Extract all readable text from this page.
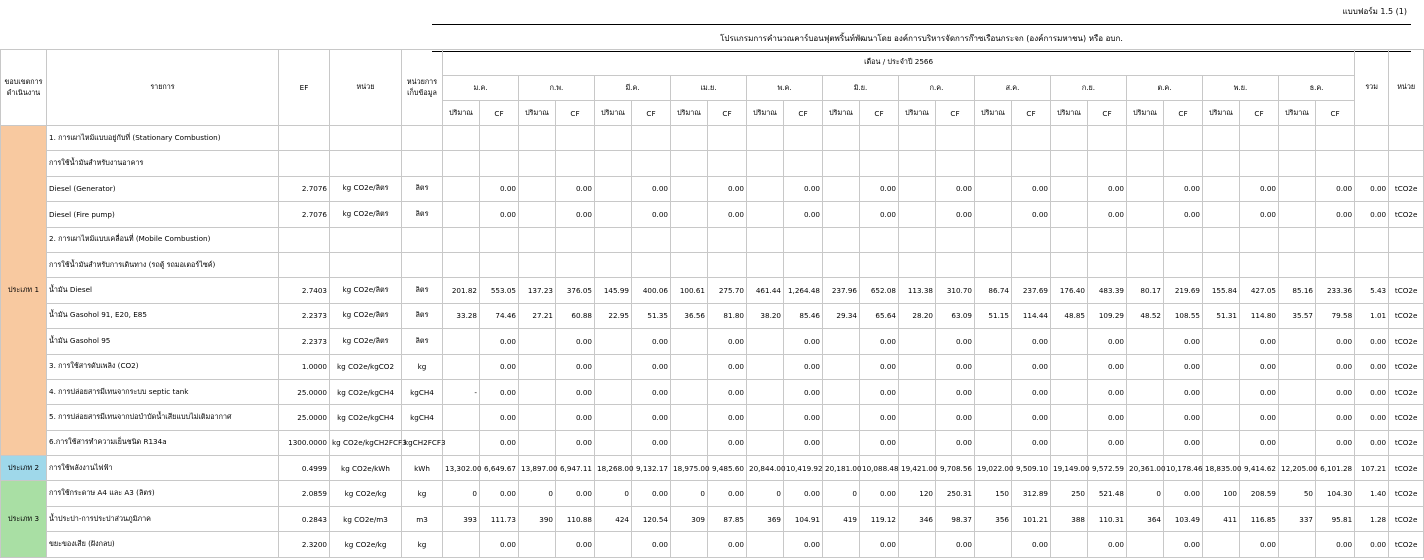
แบบฟอร์ม 1.5 (1)
โปรแกรมการคำนวณคาร์บอนฟุตพริ้นท์พัฒนาโดย องค์การบริหารจัดการก๊าซเรือนกระจก (องค์การมหาชน) หรือ อบก.
ขอบเขตการดำเนินงาน	รายการ	EF	หน่วย	หน่วยการเก็บข้อมูล	เดือน / ประจำปี 2566																								รวม	หน่วย
					ม.ค.		ก.พ.		มี.ค.		เม.ย.		พ.ค.		มิ.ย.		ก.ค.		ส.ค.		ก.ย.		ต.ค.		พ.ย.		ธ.ค.			
					ปริมาณ	CF	ปริมาณ	CF	ปริมาณ	CF	ปริมาณ	CF	ปริมาณ	CF	ปริมาณ	CF	ปริมาณ	CF	ปริมาณ	CF	ปริมาณ	CF	ปริมาณ	CF	ปริมาณ	CF	ปริมาณ	CF		
ประเภท 1	1. การเผาไหม้แบบอยู่กับที่ (Stationary Combustion)																													
	การใช้น้ำมันสำหรับงานอาคาร																													
	Diesel (Generator)	2.7076	kg CO2e/ลิตร	ลิตร		0.00		0.00		0.00		0.00		0.00		0.00		0.00		0.00		0.00		0.00		0.00		0.00	0.00	tCO2e
	Diesel (Fire pump)	2.7076	kg CO2e/ลิตร	ลิตร		0.00		0.00		0.00		0.00		0.00		0.00		0.00		0.00		0.00		0.00		0.00		0.00	0.00	tCO2e
	2. การเผาไหม้แบบเคลื่อนที่ (Mobile Combustion)																													
	การใช้น้ำมันสำหรับการเดินทาง (รถตู้ รถมอเตอร์ไซค์)																													
	น้ำมัน Diesel	2.7403	kg CO2e/ลิตร	ลิตร	201.82	553.05	137.23	376.05	145.99	400.06	100.61	275.70	461.44	1,264.48	237.96	652.08	113.38	310.70	86.74	237.69	176.40	483.39	80.17	219.69	155.84	427.05	85.16	233.36	5.43	tCO2e
	น้ำมัน Gasohol 91, E20, E85	2.2373	kg CO2e/ลิตร	ลิตร	33.28	74.46	27.21	60.88	22.95	51.35	36.56	81.80	38.20	85.46	29.34	65.64	28.20	63.09	51.15	114.44	48.85	109.29	48.52	108.55	51.31	114.80	35.57	79.58	1.01	tCO2e
	น้ำมัน Gasohol 95	2.2373	kg CO2e/ลิตร	ลิตร		0.00		0.00		0.00		0.00		0.00		0.00		0.00		0.00		0.00		0.00		0.00		0.00	0.00	tCO2e
	3. การใช้สารดับเพลิง (CO2)	1.0000	kg CO2e/kgCO2	kg		0.00		0.00		0.00		0.00		0.00		0.00		0.00		0.00		0.00		0.00		0.00		0.00	0.00	tCO2e
	4. การปล่อยสารมีเทนจากระบบ septic tank	25.0000	kg CO2e/kgCH4	kgCH4	-	0.00		0.00		0.00		0.00		0.00		0.00		0.00		0.00		0.00		0.00		0.00		0.00	0.00	tCO2e
	5. การปล่อยสารมีเทนจากบ่อบำบัดน้ำเสียแบบไม่เติมอากาศ	25.0000	kg CO2e/kgCH4	kgCH4		0.00		0.00		0.00		0.00		0.00		0.00		0.00		0.00		0.00		0.00		0.00		0.00	0.00	tCO2e
	6.การใช้สารทำความเย็นชนิด R134a	1300.0000	kg CO2e/kgCH2FCF3	kgCH2FCF3		0.00		0.00		0.00		0.00		0.00		0.00		0.00		0.00		0.00		0.00		0.00		0.00	0.00	tCO2e
ประเภท 2	การใช้พลังงานไฟฟ้า	0.4999	kg CO2e/kWh	kWh	13,302.00	6,649.67	13,897.00	6,947.11	18,268.00	9,132.17	18,975.00	9,485.60	20,844.00	10,419.92	20,181.00	10,088.48	19,421.00	9,708.56	19,022.00	9,509.10	19,149.00	9,572.59	20,361.00	10,178.46	18,835.00	9,414.62	12,205.00	6,101.28	107.21	tCO2e
ประเภท 3	การใช้กระดาษ A4 และ A3 (ลิตร)	2.0859	kg CO2e/kg	kg	0	0.00	0	0.00	0	0.00	0	0.00	0	0.00	0	0.00	120	250.31	150	312.89	250	521.48	0	0.00	100	208.59	50	104.30	1.40	tCO2e
	น้ำประปา-การประปาส่วนภูมิภาค	0.2843	kg CO2e/m3	m3	393	111.73	390	110.88	424	120.54	309	87.85	369	104.91	419	119.12	346	98.37	356	101.21	388	110.31	364	103.49	411	116.85	337	95.81	1.28	tCO2e
	ขยะของเสีย (ฝังกลบ)	2.3200	kg CO2e/kg	kg		0.00		0.00		0.00		0.00		0.00		0.00		0.00		0.00		0.00		0.00		0.00		0.00	0.00	tCO2e
